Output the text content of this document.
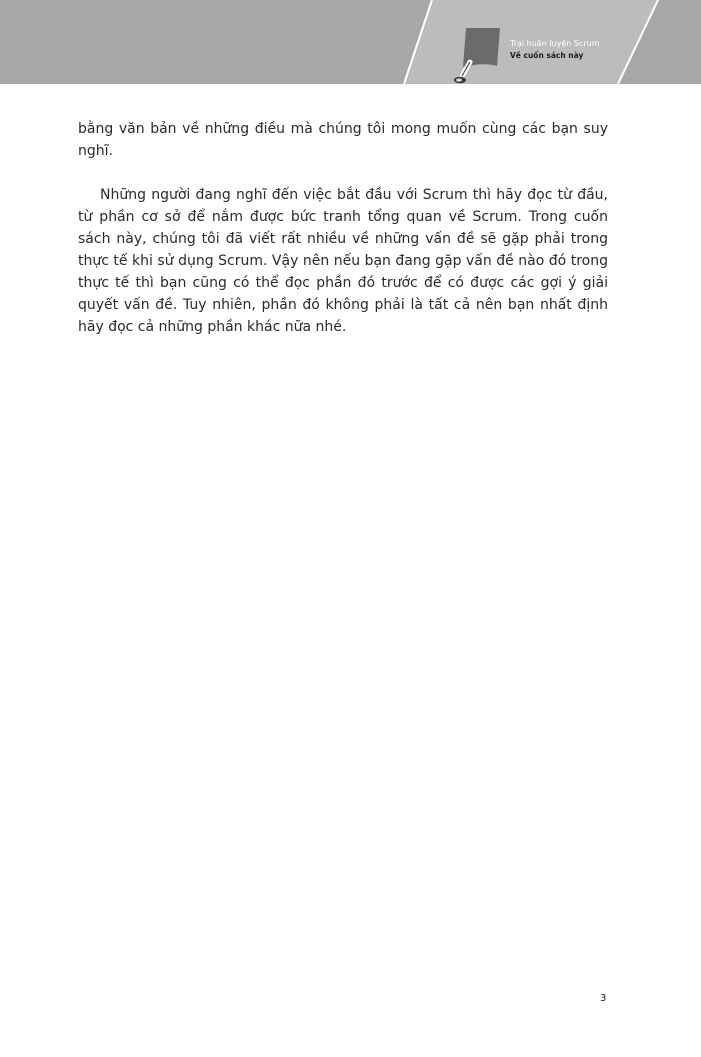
Trại huấn luyện Scrum
Về cuốn sách này

bằng văn bản về những điều mà chúng tôi mong muốn cùng các bạn suy nghĩ.

Những người đang nghĩ đến việc bắt đầu với Scrum thì hãy đọc từ đầu, từ phần cơ sở để nắm được bức tranh tổng quan về Scrum. Trong cuốn sách này, chúng tôi đã viết rất nhiều về những vấn đề sẽ gặp phải trong thực tế khi sử dụng Scrum. Vậy nên nếu bạn đang gặp vấn đề nào đó trong thực tế thì bạn cũng có thể đọc phần đó trước để có được các gợi ý giải quyết vấn đề. Tuy nhiên, phần đó không phải là tất cả nên bạn nhất định hãy đọc cả những phần khác nữa nhé.

3
